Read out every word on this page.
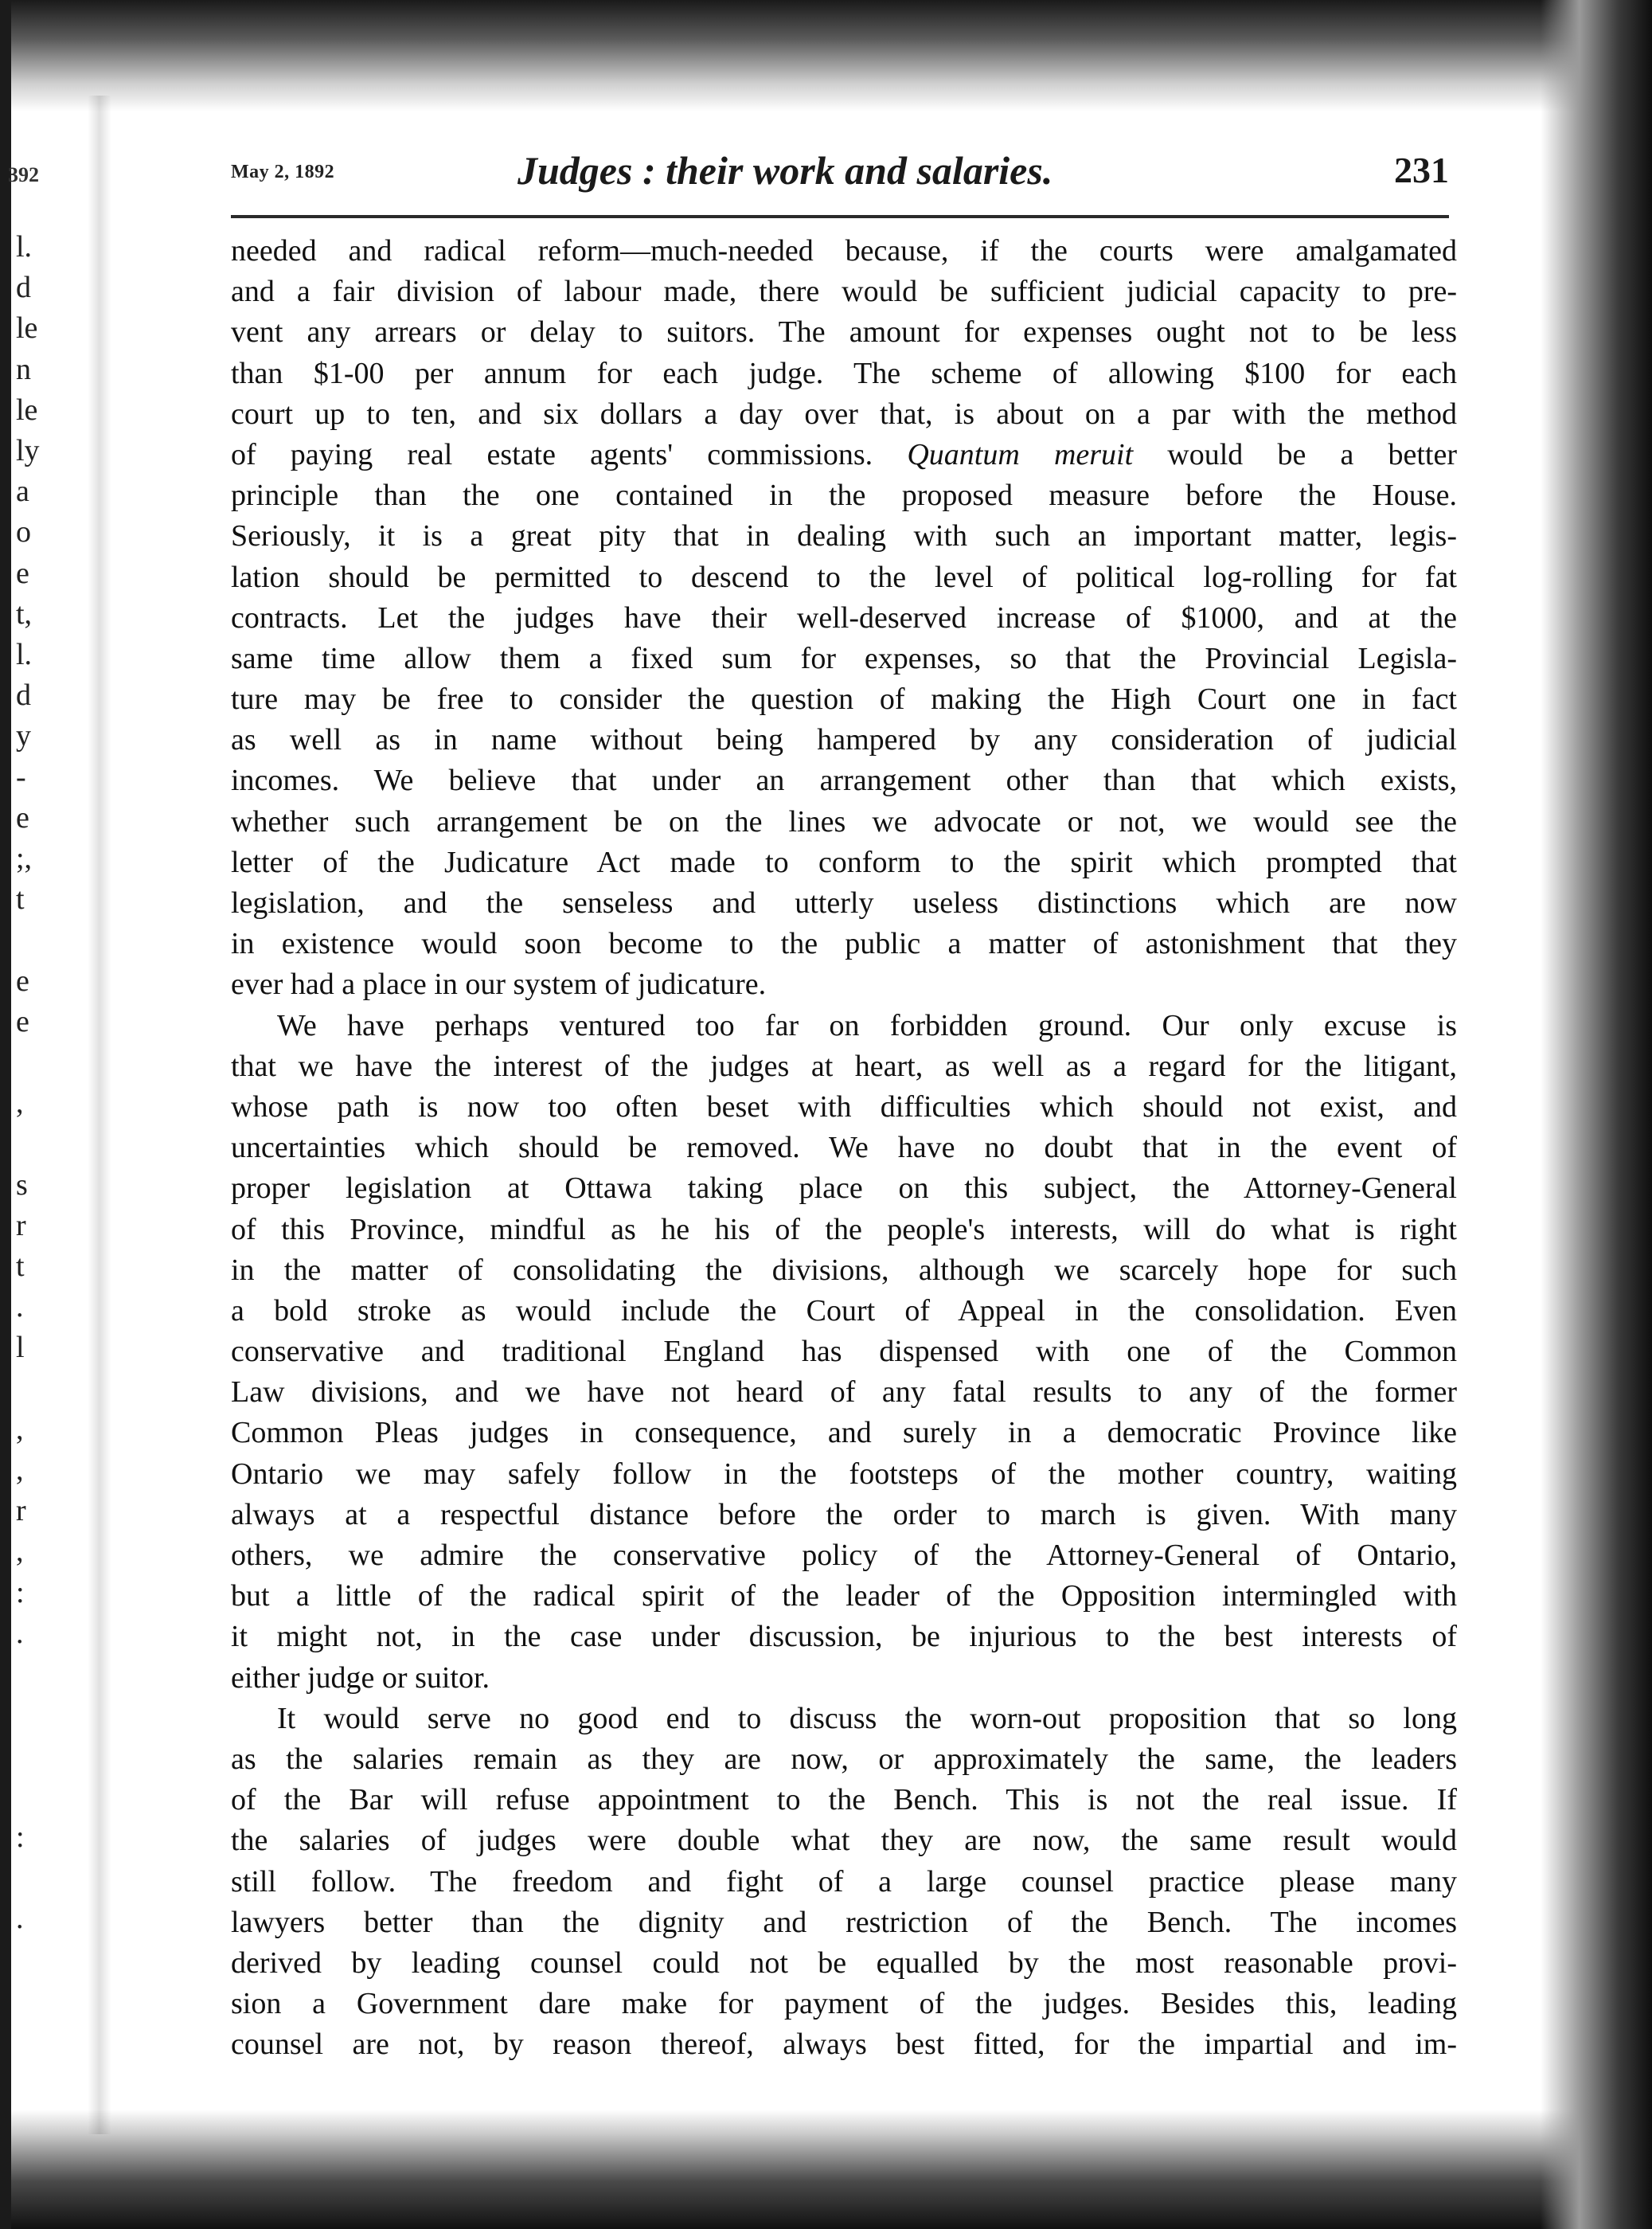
392
l.
d
le
n
le
ly
a
o
e
t,
l.
d
y
-
e
;,
t
e
e
,
s
r
t
.
l
,
,
r
,
:
.
:
.
May 2, 1892	Judges : their work and salaries.	231
needed and radical reform—much-needed because, if the courts were amalgamated
and a fair division of labour made, there would be sufficient judicial capacity to pre-
vent any arrears or delay to suitors. The amount for expenses ought not to be less
than $1-00 per annum for each judge. The scheme of allowing $100 for each
court up to ten, and six dollars a day over that, is about on a par with the method
of paying real estate agents' commissions. Quantum meruit would be a better
principle than the one contained in the proposed measure before the House.
Seriously, it is a great pity that in dealing with such an important matter, legis-
lation should be permitted to descend to the level of political log-rolling for fat
contracts. Let the judges have their well-deserved increase of $1000, and at the
same time allow them a fixed sum for expenses, so that the Provincial Legisla-
ture may be free to consider the question of making the High Court one in fact
as well as in name without being hampered by any consideration of judicial
incomes. We believe that under an arrangement other than that which exists,
whether such arrangement be on the lines we advocate or not, we would see the
letter of the Judicature Act made to conform to the spirit which prompted that
legislation, and the senseless and utterly useless distinctions which are now
in existence would soon become to the public a matter of astonishment that they
ever had a place in our system of judicature.
We have perhaps ventured too far on forbidden ground. Our only excuse is
that we have the interest of the judges at heart, as well as a regard for the litigant,
whose path is now too often beset with difficulties which should not exist, and
uncertainties which should be removed. We have no doubt that in the event of
proper legislation at Ottawa taking place on this subject, the Attorney-General
of this Province, mindful as he his of the people's interests, will do what is right
in the matter of consolidating the divisions, although we scarcely hope for such
a bold stroke as would include the Court of Appeal in the consolidation. Even
conservative and traditional England has dispensed with one of the Common
Law divisions, and we have not heard of any fatal results to any of the former
Common Pleas judges in consequence, and surely in a democratic Province like
Ontario we may safely follow in the footsteps of the mother country, waiting
always at a respectful distance before the order to march is given. With many
others, we admire the conservative policy of the Attorney-General of Ontario,
but a little of the radical spirit of the leader of the Opposition intermingled with
it might not, in the case under discussion, be injurious to the best interests of
either judge or suitor.
It would serve no good end to discuss the worn-out proposition that so long
as the salaries remain as they are now, or approximately the same, the leaders
of the Bar will refuse appointment to the Bench. This is not the real issue. If
the salaries of judges were double what they are now, the same result would
still follow. The freedom and fight of a large counsel practice please many
lawyers better than the dignity and restriction of the Bench. The incomes
derived by leading counsel could not be equalled by the most reasonable provi-
sion a Government dare make for payment of the judges. Besides this, leading
counsel are not, by reason thereof, always best fitted, for the impartial and im-
